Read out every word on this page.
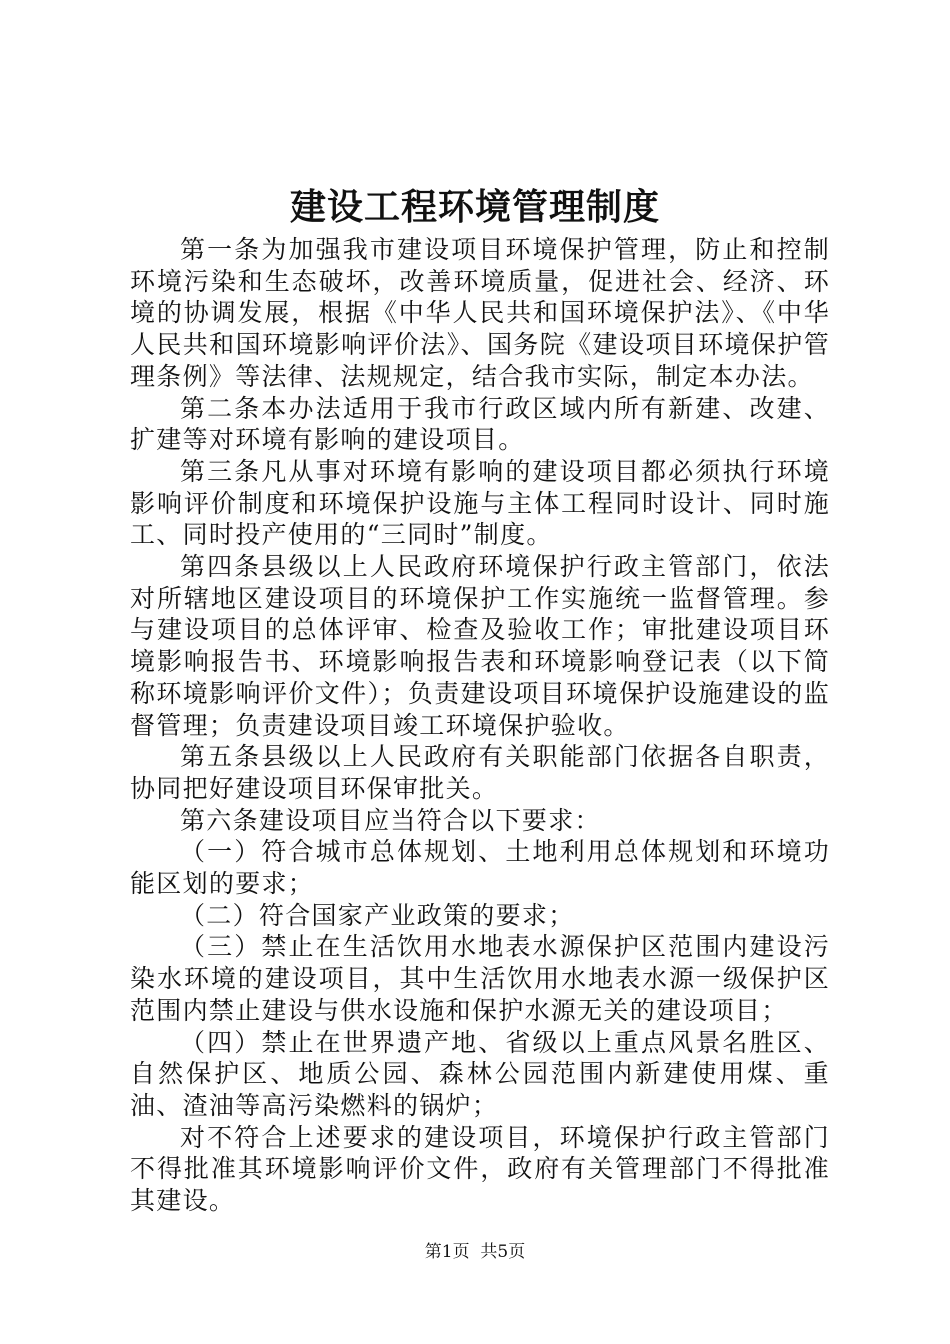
建设工程环境管理制度

第一条为加强我市建设项目环境保护管理，防止和控制环境污染和生态破坏，改善环境质量，促进社会、经济、环境的协调发展，根据《中华人民共和国环境保护法》、《中华人民共和国环境影响评价法》、国务院《建设项目环境保护管理条例》等法律、法规规定，结合我市实际，制定本办法。

第二条本办法适用于我市行政区域内所有新建、改建、扩建等对环境有影响的建设项目。

第三条凡从事对环境有影响的建设项目都必须执行环境影响评价制度和环境保护设施与主体工程同时设计、同时施工、同时投产使用的“三同时”制度。

第四条县级以上人民政府环境保护行政主管部门，依法对所辖地区建设项目的环境保护工作实施统一监督管理。参与建设项目的总体评审、检查及验收工作；审批建设项目环境影响报告书、环境影响报告表和环境影响登记表（以下简称环境影响评价文件）；负责建设项目环境保护设施建设的监督管理；负责建设项目竣工环境保护验收。

第五条县级以上人民政府有关职能部门依据各自职责，协同把好建设项目环保审批关。

第六条建设项目应当符合以下要求：

（一）符合城市总体规划、土地利用总体规划和环境功能区划的要求；

（二）符合国家产业政策的要求；

（三）禁止在生活饮用水地表水源保护区范围内建设污染水环境的建设项目，其中生活饮用水地表水源一级保护区范围内禁止建设与供水设施和保护水源无关的建设项目；

（四）禁止在世界遗产地、省级以上重点风景名胜区、自然保护区、地质公园、森林公园范围内新建使用煤、重油、渣油等高污染燃料的锅炉；

对不符合上述要求的建设项目，环境保护行政主管部门不得批准其环境影响评价文件，政府有关管理部门不得批准其建设。

第1页 共5页
